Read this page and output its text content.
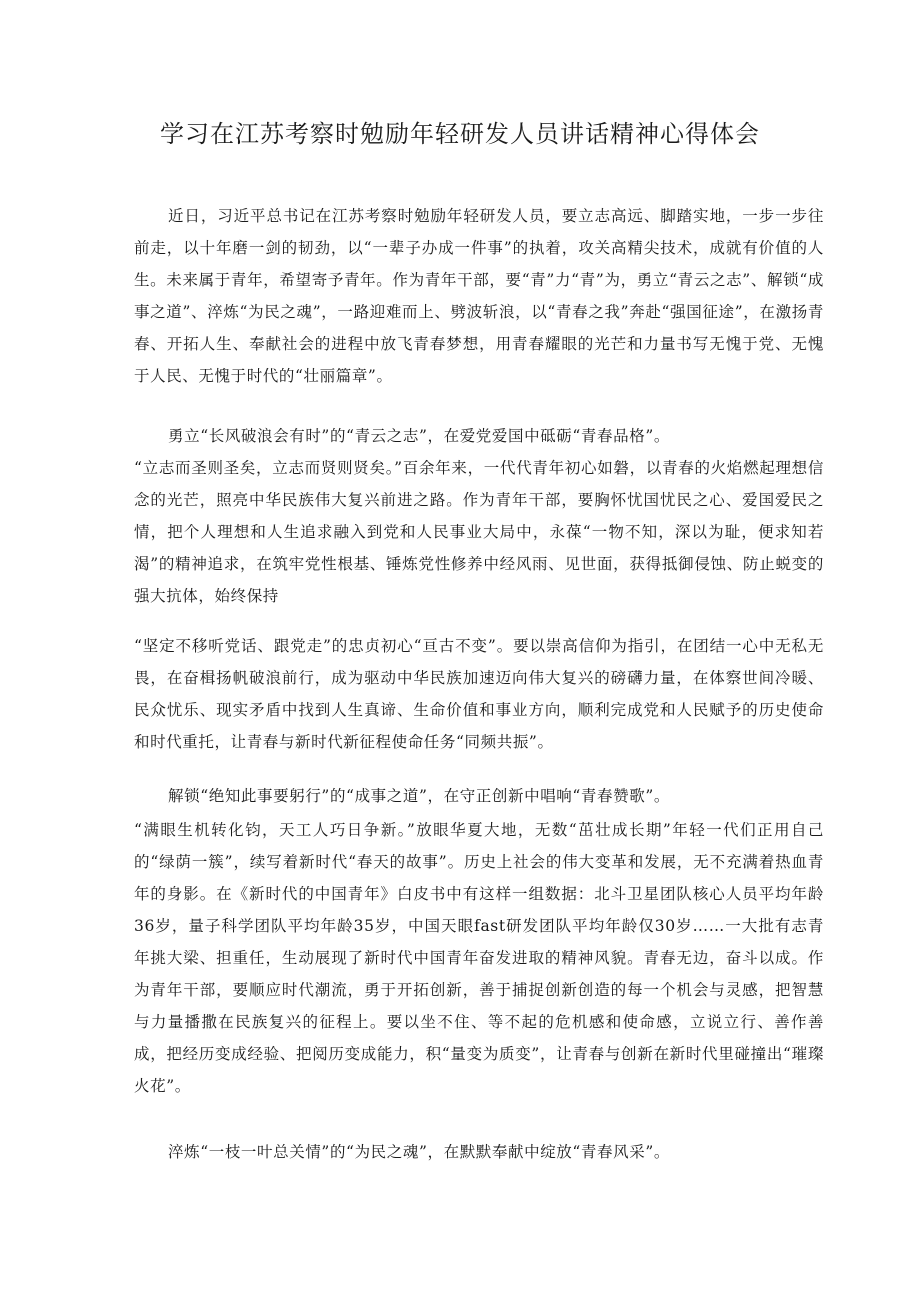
学习在江苏考察时勉励年轻研发人员讲话精神心得体会

近日，习近平总书记在江苏考察时勉励年轻研发人员，要立志高远、脚踏实地，一步一步往前走，以十年磨一剑的韧劲，以“一辈子办成一件事”的执着，攻关高精尖技术，成就有价值的人生。未来属于青年，希望寄予青年。作为青年干部，要“青”力“青”为，勇立“青云之志”、解锁“成事之道”、淬炼“为民之魂”，一路迎难而上、劈波斩浪，以“青春之我”奔赴“强国征途”，在激扬青春、开拓人生、奉献社会的进程中放飞青春梦想，用青春耀眼的光芒和力量书写无愧于党、无愧于人民、无愧于时代的“壮丽篇章”。

勇立“长风破浪会有时”的“青云之志”，在爱党爱国中砥砺“青春品格”。

“立志而圣则圣矣，立志而贤则贤矣。”百余年来，一代代青年初心如磐，以青春的火焰燃起理想信念的光芒，照亮中华民族伟大复兴前进之路。作为青年干部，要胸怀忧国忧民之心、爱国爱民之情，把个人理想和人生追求融入到党和人民事业大局中，永葆“一物不知，深以为耻，便求知若渴”的精神追求，在筑牢党性根基、锤炼党性修养中经风雨、见世面，获得抵御侵蚀、防止蜕变的强大抗体，始终保持

“坚定不移听党话、跟党走”的忠贞初心“亘古不变”。要以崇高信仰为指引，在团结一心中无私无畏，在奋楫扬帆破浪前行，成为驱动中华民族加速迈向伟大复兴的磅礴力量，在体察世间冷暖、民众忧乐、现实矛盾中找到人生真谛、生命价值和事业方向，顺利完成党和人民赋予的历史使命和时代重托，让青春与新时代新征程使命任务“同频共振”。

解锁“绝知此事要躬行”的“成事之道”，在守正创新中唱响“青春赞歌”。

“满眼生机转化钧，天工人巧日争新。”放眼华夏大地，无数“茁壮成长期”年轻一代们正用自己的“绿荫一簇”，续写着新时代“春天的故事”。历史上社会的伟大变革和发展，无不充满着热血青年的身影。在《新时代的中国青年》白皮书中有这样一组数据：北斗卫星团队核心人员平均年龄36岁，量子科学团队平均年龄35岁，中国天眼fast研发团队平均年龄仅30岁……一大批有志青年挑大梁、担重任，生动展现了新时代中国青年奋发进取的精神风貌。青春无边，奋斗以成。作为青年干部，要顺应时代潮流，勇于开拓创新，善于捕捉创新创造的每一个机会与灵感，把智慧与力量播撒在民族复兴的征程上。要以坐不住、等不起的危机感和使命感，立说立行、善作善成，把经历变成经验、把阅历变成能力，积“量变为质变”，让青春与创新在新时代里碰撞出“璀璨火花”。

淬炼“一枝一叶总关情”的“为民之魂”，在默默奉献中绽放“青春风采”。
